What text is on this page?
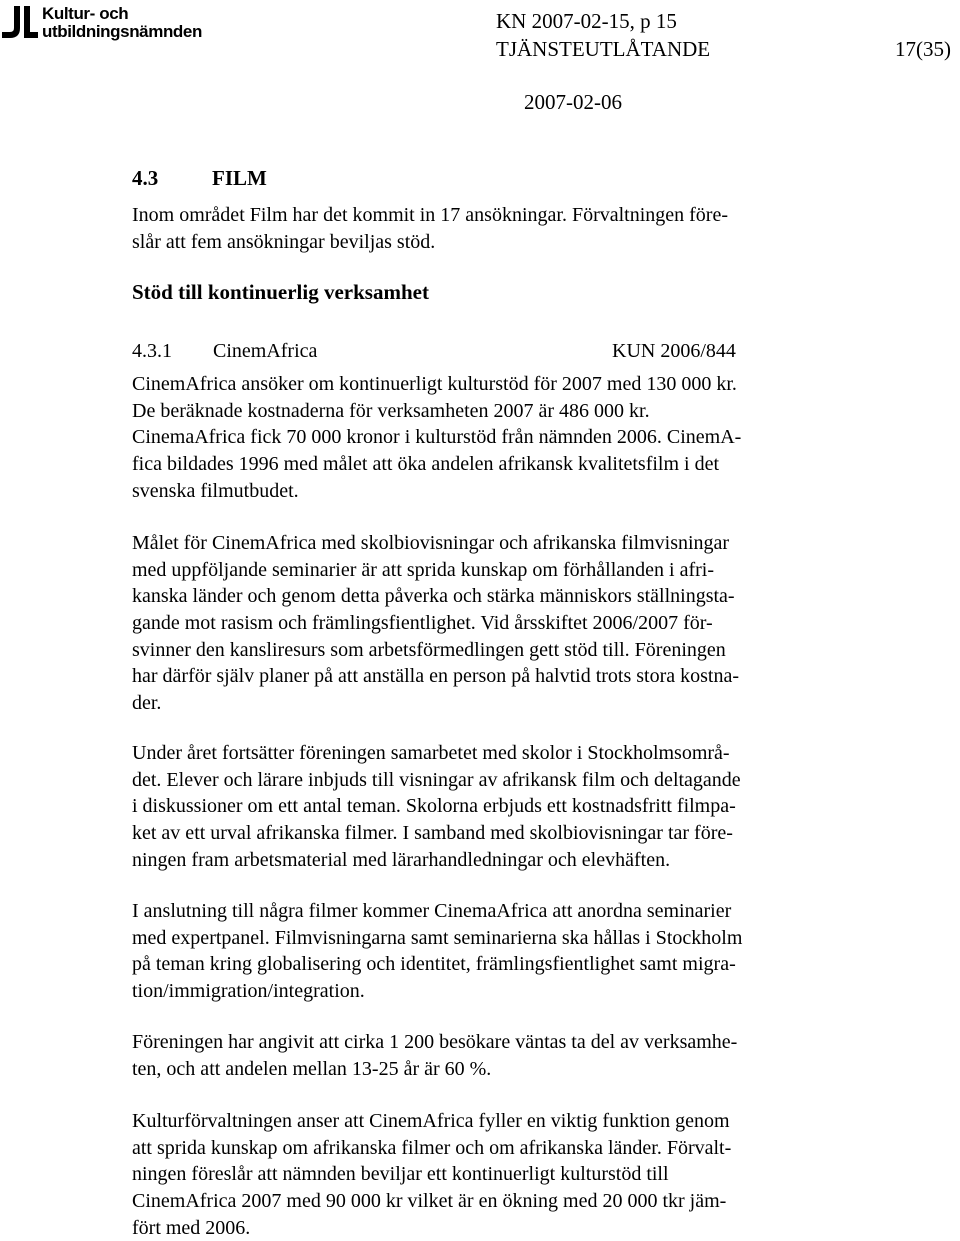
Kultur- och
utbildningsnämnden	KN 2007-02-15, p 15
TJÄNSTEUTLÅTANDE	17(35)
2007-02-06
4.3	FILM
Inom området Film har det kommit in 17 ansökningar. Förvaltningen före-
slår att fem ansökningar beviljas stöd.
Stöd till kontinuerlig verksamhet
4.3.1 CinemAfrica	KUN 2006/844
CinemAfrica ansöker om kontinuerligt kulturstöd för 2007 med 130 000 kr.
De beräknade kostnaderna för verksamheten 2007 är 486 000 kr.
CinemaAfrica fick 70 000 kronor i kulturstöd från nämnden 2006. CinemA-
fica bildades 1996 med målet att öka andelen afrikansk kvalitetsfilm i det
svenska filmutbudet.
Målet för CinemAfrica med skolbiovisningar och afrikanska filmvisningar
med uppföljande seminarier är att sprida kunskap om förhållanden i afri-
kanska länder och genom detta påverka och stärka människors ställningsta-
gande mot rasism och främlingsfientlighet. Vid årsskiftet 2006/2007 för-
svinner den kansliresurs som arbetsförmedlingen gett stöd till. Föreningen
har därför själv planer på att anställa en person på halvtid trots stora kostna-
der.
Under året fortsätter föreningen samarbetet med skolor i Stockholmsområ-
det. Elever och lärare inbjuds till visningar av afrikansk film och deltagande
i diskussioner om ett antal teman. Skolorna erbjuds ett kostnadsfritt filmpa-
ket av ett urval afrikanska filmer. I samband med skolbiovisningar tar före-
ningen fram arbetsmaterial med lärarhandledningar och elevhäften.
I anslutning till några filmer kommer CinemaAfrica att anordna seminarier
med expertpanel. Filmvisningarna samt seminarierna ska hållas i Stockholm
på teman kring globalisering och identitet, främlingsfientlighet samt migra-
tion/immigration/integration.
Föreningen har angivit att cirka 1 200 besökare väntas ta del av verksamhe-
ten, och att andelen mellan 13-25 år är 60 %.
Kulturförvaltningen anser att CinemAfrica fyller en viktig funktion genom
att sprida kunskap om afrikanska filmer och om afrikanska länder. Förvalt-
ningen föreslår att nämnden beviljar ett kontinuerligt kulturstöd till
CinemAfrica 2007 med 90 000 kr vilket är en ökning med 20 000 tkr jäm-
fört med 2006.
